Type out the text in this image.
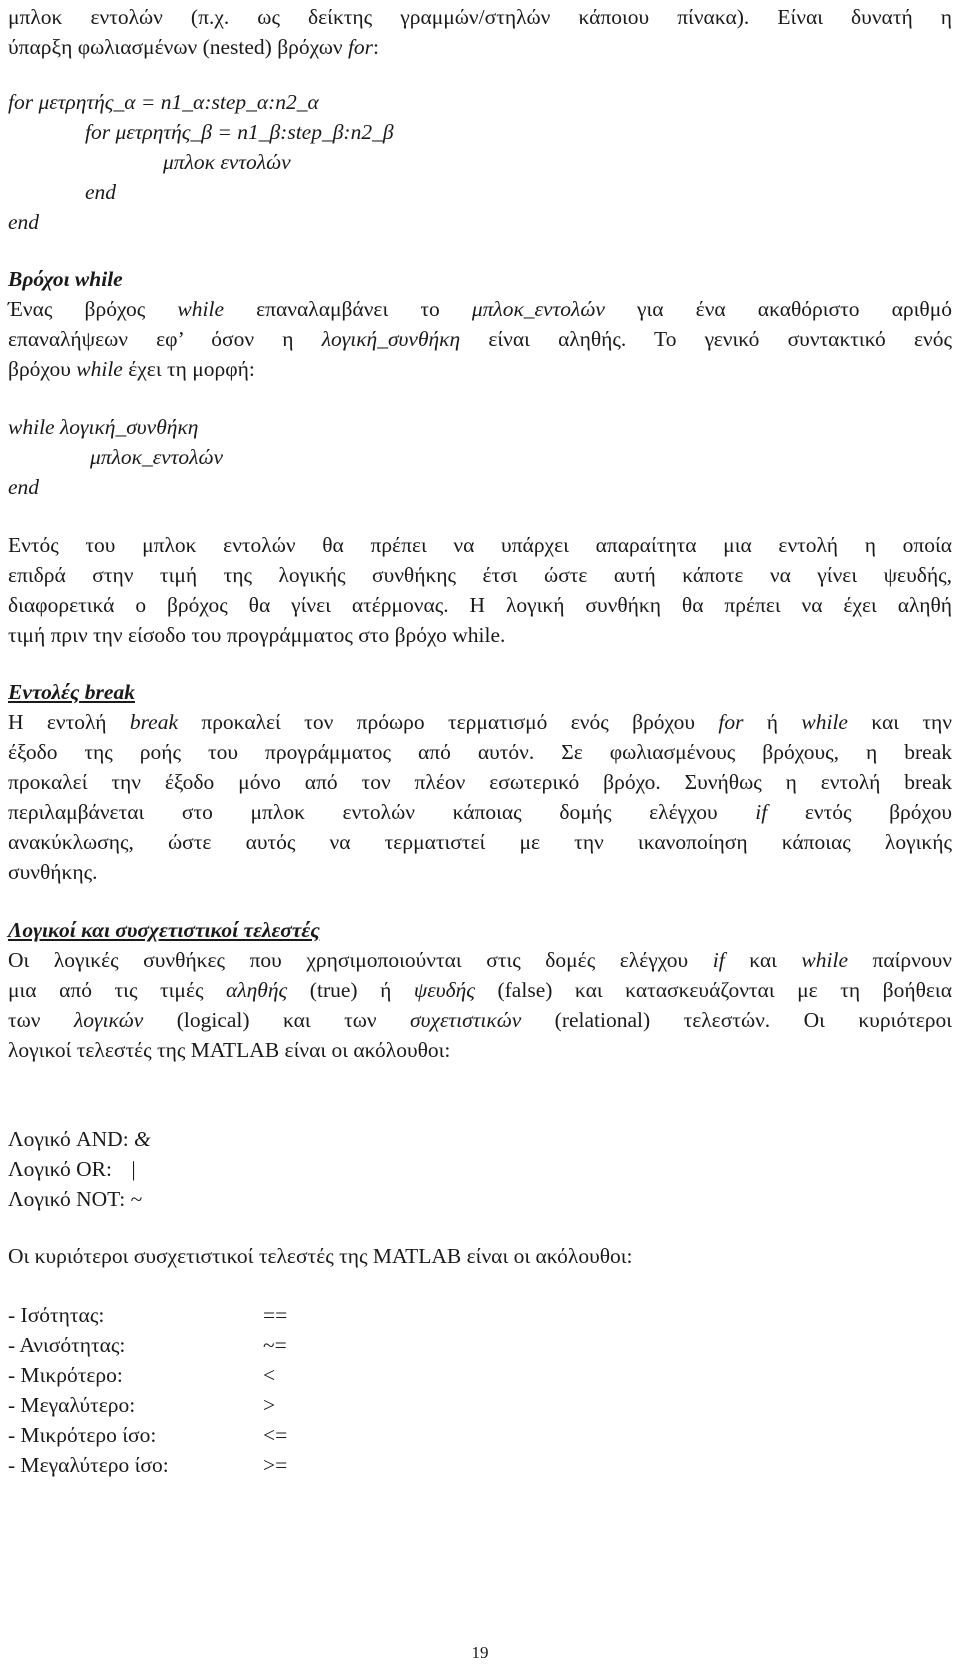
μπλοκ εντολών (π.χ. ως δείκτης γραμμών/στηλών κάποιου πίνακα). Είναι δυνατή η
ύπαρξη φωλιασμένων (nested) βρόχων for:
for μετρητής_α = n1_α:step_α:n2_α
for μετρητής_β = n1_β:step_β:n2_β
μπλοκ εντολών
end
end
Βρόχοι while
Ένας βρόχος while επαναλαμβάνει το μπλοκ_εντολών για ένα ακαθόριστο αριθμό
επαναλήψεων εφ’ όσον η λογική_συνθήκη είναι αληθής. Το γενικό συντακτικό ενός
βρόχου while έχει τη μορφή:
while λογική_συνθήκη
μπλοκ_εντολών
end
Εντός του μπλοκ εντολών θα πρέπει να υπάρχει απαραίτητα μια εντολή η οποία
επιδρά στην τιμή της λογικής συνθήκης έτσι ώστε αυτή κάποτε να γίνει ψευδής,
διαφορετικά ο βρόχος θα γίνει ατέρμονας. Η λογική συνθήκη θα πρέπει να έχει αληθή
τιμή πριν την είσοδο του προγράμματος στο βρόχο while.
Εντολές break
Η εντολή break προκαλεί τον πρόωρο τερματισμό ενός βρόχου for ή while και την
έξοδο της ροής του προγράμματος από αυτόν. Σε φωλιασμένους βρόχους, η break
προκαλεί την έξοδο μόνο από τον πλέον εσωτερικό βρόχο. Συνήθως η εντολή break
περιλαμβάνεται στο μπλοκ εντολών κάποιας δομής ελέγχου if εντός βρόχου
ανακύκλωσης, ώστε αυτός να τερματιστεί με την ικανοποίηση κάποιας λογικής
συνθήκης.
Λογικοί και συσχετιστικοί τελεστές
Οι λογικές συνθήκες που χρησιμοποιούνται στις δομές ελέγχου if και while παίρνουν
μια από τις τιμές αληθής (true) ή ψευδής (false) και κατασκευάζονται με τη βοήθεια
των λογικών (logical) και των συχετιστικών (relational) τελεστών. Οι κυριότεροι
λογικοί τελεστές της MATLAB είναι οι ακόλουθοι:
Λογικό AND: &
Λογικό OR: |
Λογικό NOT: ~
Οι κυριότεροι συσχετιστικοί τελεστές της MATLAB είναι οι ακόλουθοι:
- Ισότητας:	==
- Ανισότητας:	~=
- Μικρότερο:	<
- Μεγαλύτερο:	>
- Μικρότερο ίσο:	<=
- Μεγαλύτερο ίσο:	>=
19
